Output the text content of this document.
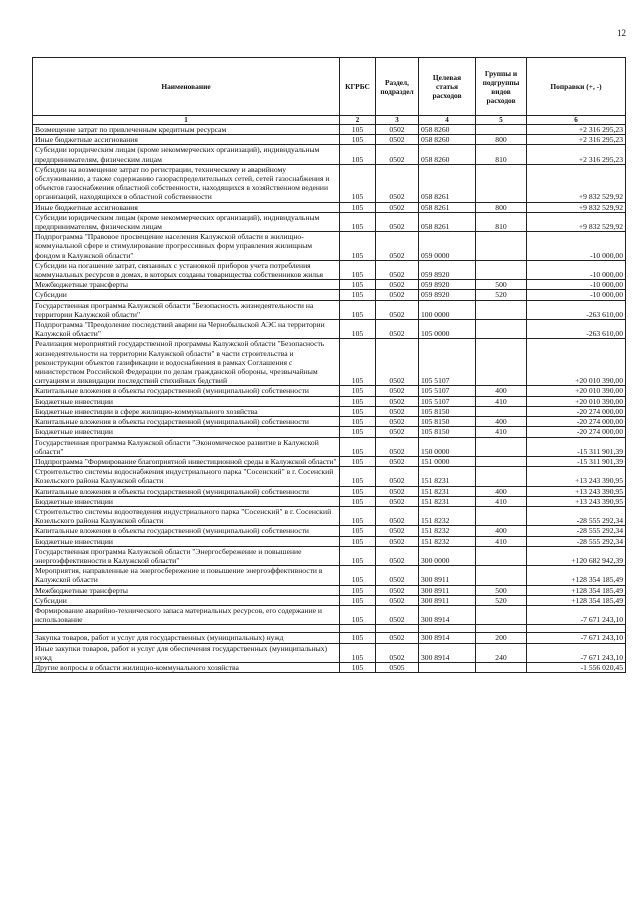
12
Наименование	КГРБС	Раздел, подраздел	Целевая статья расходов	Группы и подгруппы видов расходов	Поправки (+, -)
1	2	3	4	5	6
Возмещение затрат по привлеченным кредитным ресурсам	105	0502	058 8260		+2 316 295,23
Иные бюджетные ассигнования	105	0502	058 8260	800	+2 316 295,23
Субсидии юридическим лицам (кроме некоммерческих организаций), индивидуальным предпринимателям, физическим лицам	105	0502	058 8260	810	+2 316 295,23
Субсидии на возмещение затрат по регистрации, техническому и аварийному обслуживанию, а также содержанию газораспределительных сетей, сетей газоснабжения и объектов газоснабжения областной собственности, находящихся в хозяйственном ведении организаций, находящихся в областной собственности	105	0502	058 8261		+9 832 529,92
Иные бюджетные ассигнования	105	0502	058 8261	800	+9 832 529,92
Субсидии юридическим лицам (кроме некоммерческих организаций), индивидуальным предпринимателям, физическим лицам	105	0502	058 8261	810	+9 832 529,92
Подпрограмма "Правовое просвещение населения Калужской области в жилищно-коммунальной сфере и стимулирование прогрессивных форм управления жилищным фондом в Калужской области"	105	0502	059 0000		-10 000,00
Субсидии на погашение затрат, связанных с установкой приборов учета потребления коммунальных ресурсов в домах, в которых созданы товарищества собственников жилья	105	0502	059 8920		-10 000,00
Межбюджетные трансферты	105	0502	059 8920	500	-10 000,00
Субсидии	105	0502	059 8920	520	-10 000,00
Государственная программа Калужской области "Безопасность жизнедеятельности на территории Калужской области"	105	0502	100 0000		-263 610,00
Подпрограмма "Преодоление последствий аварии на Чернобыльской АЭС на территории Калужской области"	105	0502	105 0000		-263 610,00
Реализация мероприятий государственной программы Калужской области "Безопасность жизнедеятельности на территории Калужской области" в части строительства и реконструкции объектов газификации и водоснабжения в рамках Соглашения с министерством Российской Федерации по делам гражданской обороны, чрезвычайным ситуациям и ликвидации последствий стихийных бедствий	105	0502	105 5107		+20 010 390,00
Капитальные вложения в объекты государственной (муниципальной) собственности	105	0502	105 5107	400	+20 010 390,00
Бюджетные инвестиции	105	0502	105 5107	410	+20 010 390,00
Бюджетные инвестиции в сфере жилищно-коммунального хозяйства	105	0502	105 8150		-20 274 000,00
Капитальные вложения в объекты государственной (муниципальной) собственности	105	0502	105 8150	400	-20 274 000,00
Бюджетные инвестиции	105	0502	105 8150	410	-20 274 000,00
Государственная программа Калужской области "Экономическое развитие в Калужской области"	105	0502	150 0000		-15 311 901,39
Подпрограмма "Формирование благоприятной инвестиционной среды в Калужской области"	105	0502	151 0000		-15 311 901,39
Строительство системы водоснабжения индустриального парка "Сосенский" в г. Сосенский Козельского района Калужской области	105	0502	151 8231		+13 243 390,95
Капитальные вложения в объекты государственной (муниципальной) собственности	105	0502	151 8231	400	+13 243 390,95
Бюджетные инвестиции	105	0502	151 8231	410	+13 243 390,95
Строительство системы водоотведения индустриального парка "Сосенский" в г. Сосенский Козельского района Калужской области	105	0502	151 8232		-28 555 292,34
Капитальные вложения в объекты государственной (муниципальной) собственности	105	0502	151 8232	400	-28 555 292,34
Бюджетные инвестиции	105	0502	151 8232	410	-28 555 292,34
Государственная программа Калужской области "Энергосбережение и повышение энергоэффективности в Калужской области"	105	0502	300 0000		+120 682 942,39
Мероприятия, направленные на энергосбережение и повышение энергоэффективности в Калужской области	105	0502	300 8911		+128 354 185,49
Межбюджетные трансферты	105	0502	300 8911	500	+128 354 185,49
Субсидии	105	0502	300 8911	520	+128 354 185,49
Формирование аварийно-технического запаса материальных ресурсов, его содержание и использование	105	0502	300 8914		-7 671 243,10

Закупка товаров, работ и услуг для государственных (муниципальных) нужд	105	0502	300 8914	200	-7 671 243,10
Иные закупки товаров, работ и услуг для обеспечения государственных (муниципальных) нужд	105	0502	300 8914	240	-7 671 243,10
Другие вопросы в области жилищно-коммунального хозяйства	105	0505			-1 556 020,45
